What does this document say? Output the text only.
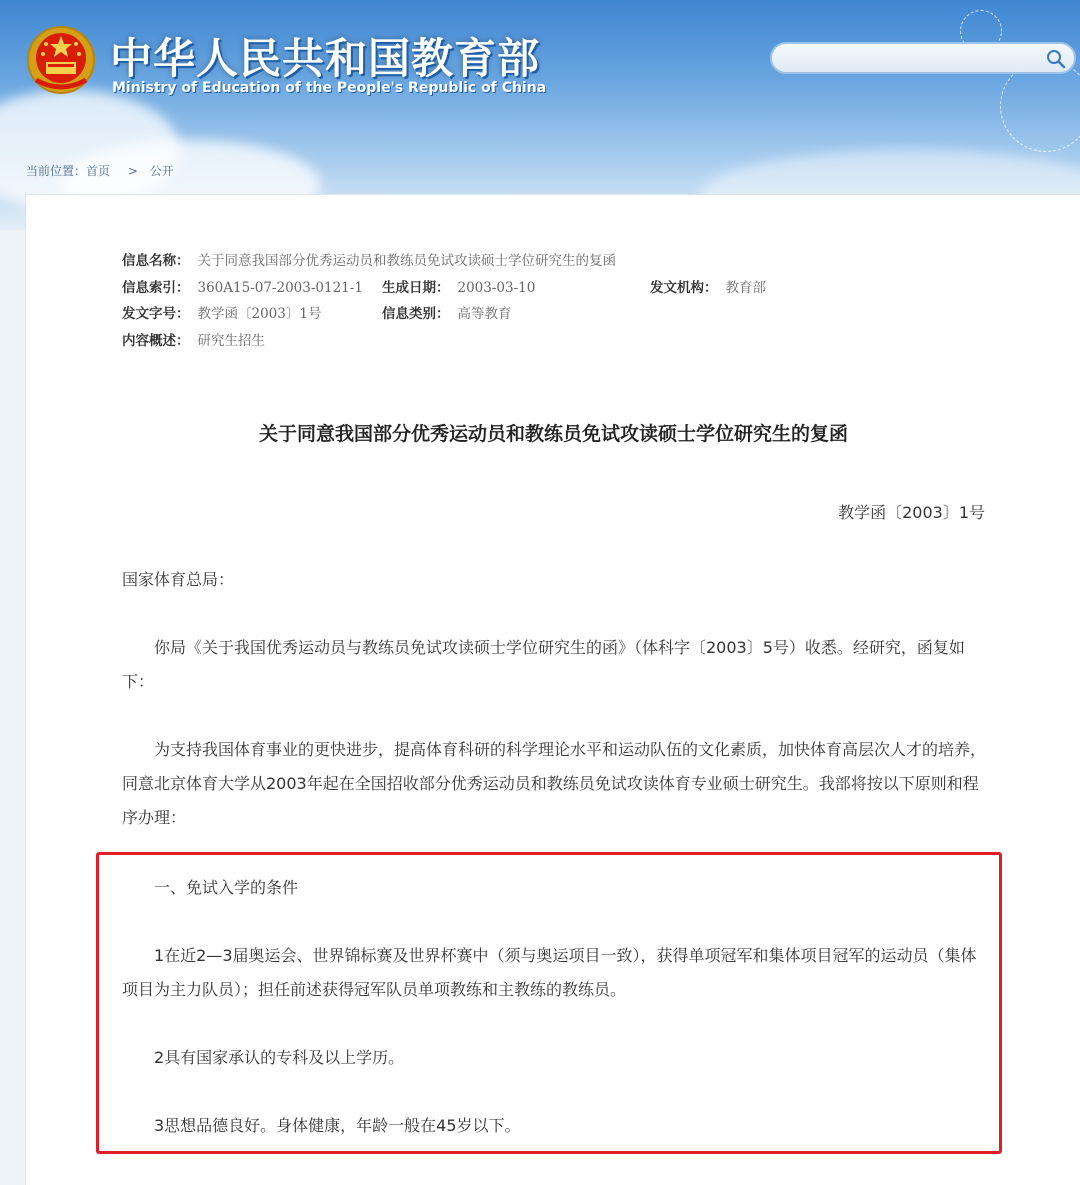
中华人民共和国教育部
Ministry of Education of the People's Republic of China
当前位置：首页 > 公开
信息名称： 关于同意我国部分优秀运动员和教练员免试攻读硕士学位研究生的复函
信息索引： 360A15-07-2003-0121-1 生成日期： 2003-03-10	发文机构： 教育部
发文字号： 教学函〔2003〕1号	信息类别： 高等教育
内容概述： 研究生招生
关于同意我国部分优秀运动员和教练员免试攻读硕士学位研究生的复函
教学函〔2003〕1号

国家体育总局：

你局《关于我国优秀运动员与教练员免试攻读硕士学位研究生的函》（体科字〔2003〕5号）收悉。经研究，函复如下：

为支持我国体育事业的更快进步，提高体育科研的科学理论水平和运动队伍的文化素质，加快体育高层次人才的培养，同意北京体育大学从2003年起在全国招收部分优秀运动员和教练员免试攻读体育专业硕士研究生。我部将按以下原则和程序办理：

一、免试入学的条件

1在近2—3届奥运会、世界锦标赛及世界杯赛中（须与奥运项目一致），获得单项冠军和集体项目冠军的运动员（集体项目为主力队员）；担任前述获得冠军队员单项教练和主教练的教练员。

2具有国家承认的专科及以上学历。

3思想品德良好。身体健康，年龄一般在45岁以下。
